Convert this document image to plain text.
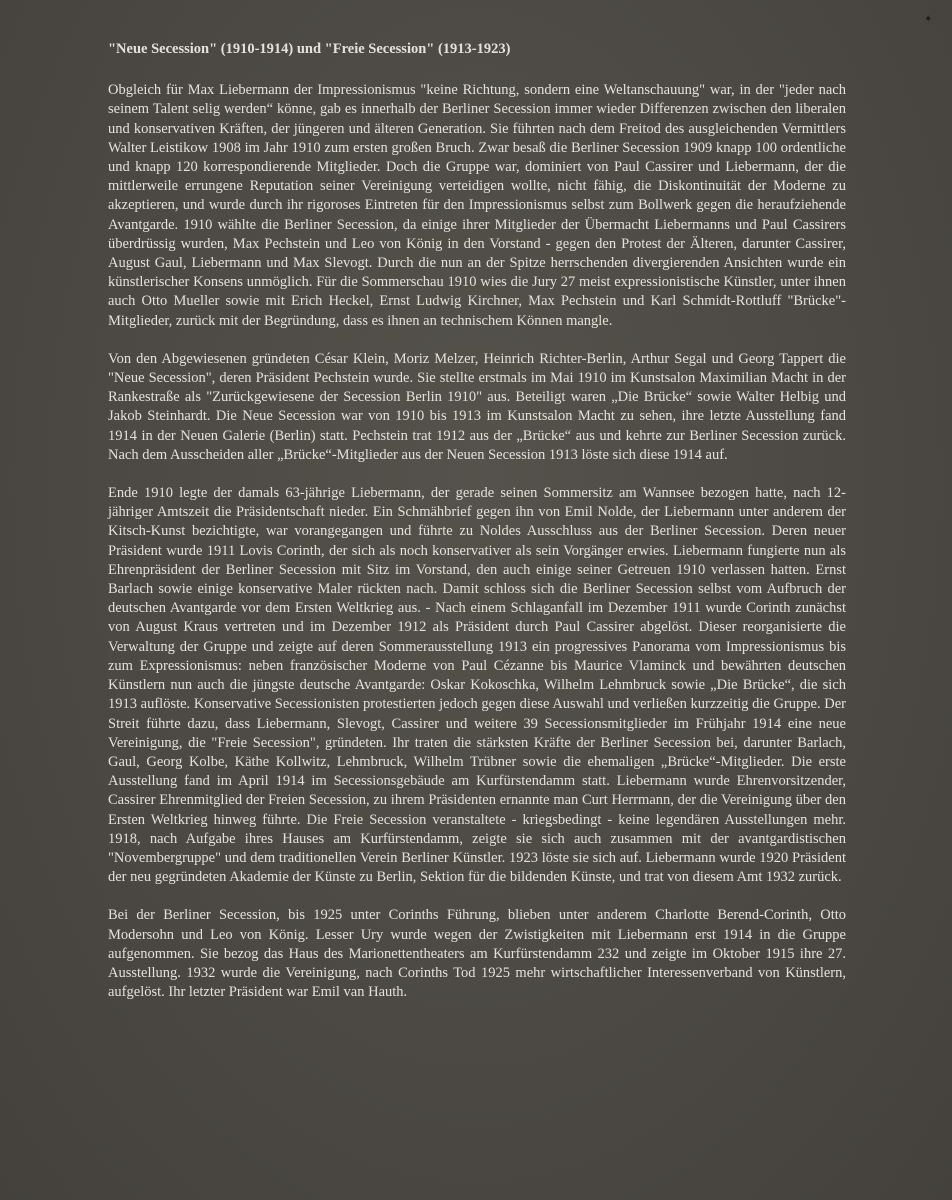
✦
"Neue Secession" (1910-1914) und "Freie Secession" (1913-1923)

Obgleich für Max Liebermann der Impressionismus "keine Richtung, sondern eine Weltanschauung" war, in der "jeder nach seinem Talent selig werden“ könne, gab es innerhalb der Berliner Secession immer wieder Differenzen zwischen den liberalen und konservativen Kräften, der jüngeren und älteren Generation. Sie führten nach dem Freitod des ausgleichenden Vermittlers Walter Leistikow 1908 im Jahr 1910 zum ersten großen Bruch. Zwar besaß die Berliner Secession 1909 knapp 100 ordentliche und knapp 120 korrespondierende Mitglieder. Doch die Gruppe war, dominiert von Paul Cassirer und Liebermann, der die mittlerweile errungene Reputation seiner Vereinigung verteidigen wollte, nicht fähig, die Diskontinuität der Moderne zu akzeptieren, und wurde durch ihr rigoroses Eintreten für den Impressionismus selbst zum Bollwerk gegen die heraufziehende Avantgarde. 1910 wählte die Berliner Secession, da einige ihrer Mitglieder der Übermacht Liebermanns und Paul Cassirers überdrüssig wurden, Max Pechstein und Leo von König in den Vorstand - gegen den Protest der Älteren, darunter Cassirer, August Gaul, Liebermann und Max Slevogt. Durch die nun an der Spitze herrschenden divergierenden Ansichten wurde ein künstlerischer Konsens unmöglich. Für die Sommerschau 1910 wies die Jury 27 meist expressionistische Künstler, unter ihnen auch Otto Mueller sowie mit Erich Heckel, Ernst Ludwig Kirchner, Max Pechstein und Karl Schmidt-Rottluff "Brücke"-Mitglieder, zurück mit der Begründung, dass es ihnen an technischem Können mangle.

Von den Abgewiesenen gründeten César Klein, Moriz Melzer, Heinrich Richter-Berlin, Arthur Segal und Georg Tappert die "Neue Secession", deren Präsident Pechstein wurde. Sie stellte erstmals im Mai 1910 im Kunstsalon Maximilian Macht in der Rankestraße als "Zurückgewiesene der Secession Berlin 1910" aus. Beteiligt waren „Die Brücke“ sowie Walter Helbig und Jakob Steinhardt. Die Neue Secession war von 1910 bis 1913 im Kunstsalon Macht zu sehen, ihre letzte Ausstellung fand 1914 in der Neuen Galerie (Berlin) statt. Pechstein trat 1912 aus der „Brücke“ aus und kehrte zur Berliner Secession zurück. Nach dem Ausscheiden aller „Brücke“-Mitglieder aus der Neuen Secession 1913 löste sich diese 1914 auf.

Ende 1910 legte der damals 63-jährige Liebermann, der gerade seinen Sommersitz am Wannsee bezogen hatte, nach 12-jähriger Amtszeit die Präsidentschaft nieder. Ein Schmähbrief gegen ihn von Emil Nolde, der Liebermann unter anderem der Kitsch-Kunst bezichtigte, war vorangegangen und führte zu Noldes Ausschluss aus der Berliner Secession. Deren neuer Präsident wurde 1911 Lovis Corinth, der sich als noch konservativer als sein Vorgänger erwies. Liebermann fungierte nun als Ehrenpräsident der Berliner Secession mit Sitz im Vorstand, den auch einige seiner Getreuen 1910 verlassen hatten. Ernst Barlach sowie einige konservative Maler rückten nach. Damit schloss sich die Berliner Secession selbst vom Aufbruch der deutschen Avantgarde vor dem Ersten Weltkrieg aus. - Nach einem Schlaganfall im Dezember 1911 wurde Corinth zunächst von August Kraus vertreten und im Dezember 1912 als Präsident durch Paul Cassirer abgelöst. Dieser reorganisierte die Verwaltung der Gruppe und zeigte auf deren Sommerausstellung 1913 ein progressives Panorama vom Impressionismus bis zum Expressionismus: neben französischer Moderne von Paul Cézanne bis Maurice Vlaminck und bewährten deutschen Künstlern nun auch die jüngste deutsche Avantgarde: Oskar Kokoschka, Wilhelm Lehmbruck sowie „Die Brücke“, die sich 1913 auflöste. Konservative Secessionisten protestierten jedoch gegen diese Auswahl und verließen kurzzeitig die Gruppe. Der Streit führte dazu, dass Liebermann, Slevogt, Cassirer und weitere 39 Secessionsmitglieder im Frühjahr 1914 eine neue Vereinigung, die "Freie Secession", gründeten. Ihr traten die stärksten Kräfte der Berliner Secession bei, darunter Barlach, Gaul, Georg Kolbe, Käthe Kollwitz, Lehmbruck, Wilhelm Trübner sowie die ehemaligen „Brücke“-Mitglieder. Die erste Ausstellung fand im April 1914 im Secessionsgebäude am Kurfürstendamm statt. Liebermann wurde Ehrenvorsitzender, Cassirer Ehrenmitglied der Freien Secession, zu ihrem Präsidenten ernannte man Curt Herrmann, der die Vereinigung über den Ersten Weltkrieg hinweg führte. Die Freie Secession veranstaltete - kriegsbedingt - keine legendären Ausstellungen mehr. 1918, nach Aufgabe ihres Hauses am Kurfürstendamm, zeigte sie sich auch zusammen mit der avantgardistischen "Novembergruppe" und dem traditionellen Verein Berliner Künstler. 1923 löste sie sich auf. Liebermann wurde 1920 Präsident der neu gegründeten Akademie der Künste zu Berlin, Sektion für die bildenden Künste, und trat von diesem Amt 1932 zurück.

Bei der Berliner Secession, bis 1925 unter Corinths Führung, blieben unter anderem Charlotte Berend-Corinth, Otto Modersohn und Leo von König. Lesser Ury wurde wegen der Zwistigkeiten mit Liebermann erst 1914 in die Gruppe aufgenommen. Sie bezog das Haus des Marionettentheaters am Kurfürstendamm 232 und zeigte im Oktober 1915 ihre 27. Ausstellung. 1932 wurde die Vereinigung, nach Corinths Tod 1925 mehr wirtschaftlicher Interessenverband von Künstlern, aufgelöst. Ihr letzter Präsident war Emil van Hauth.
